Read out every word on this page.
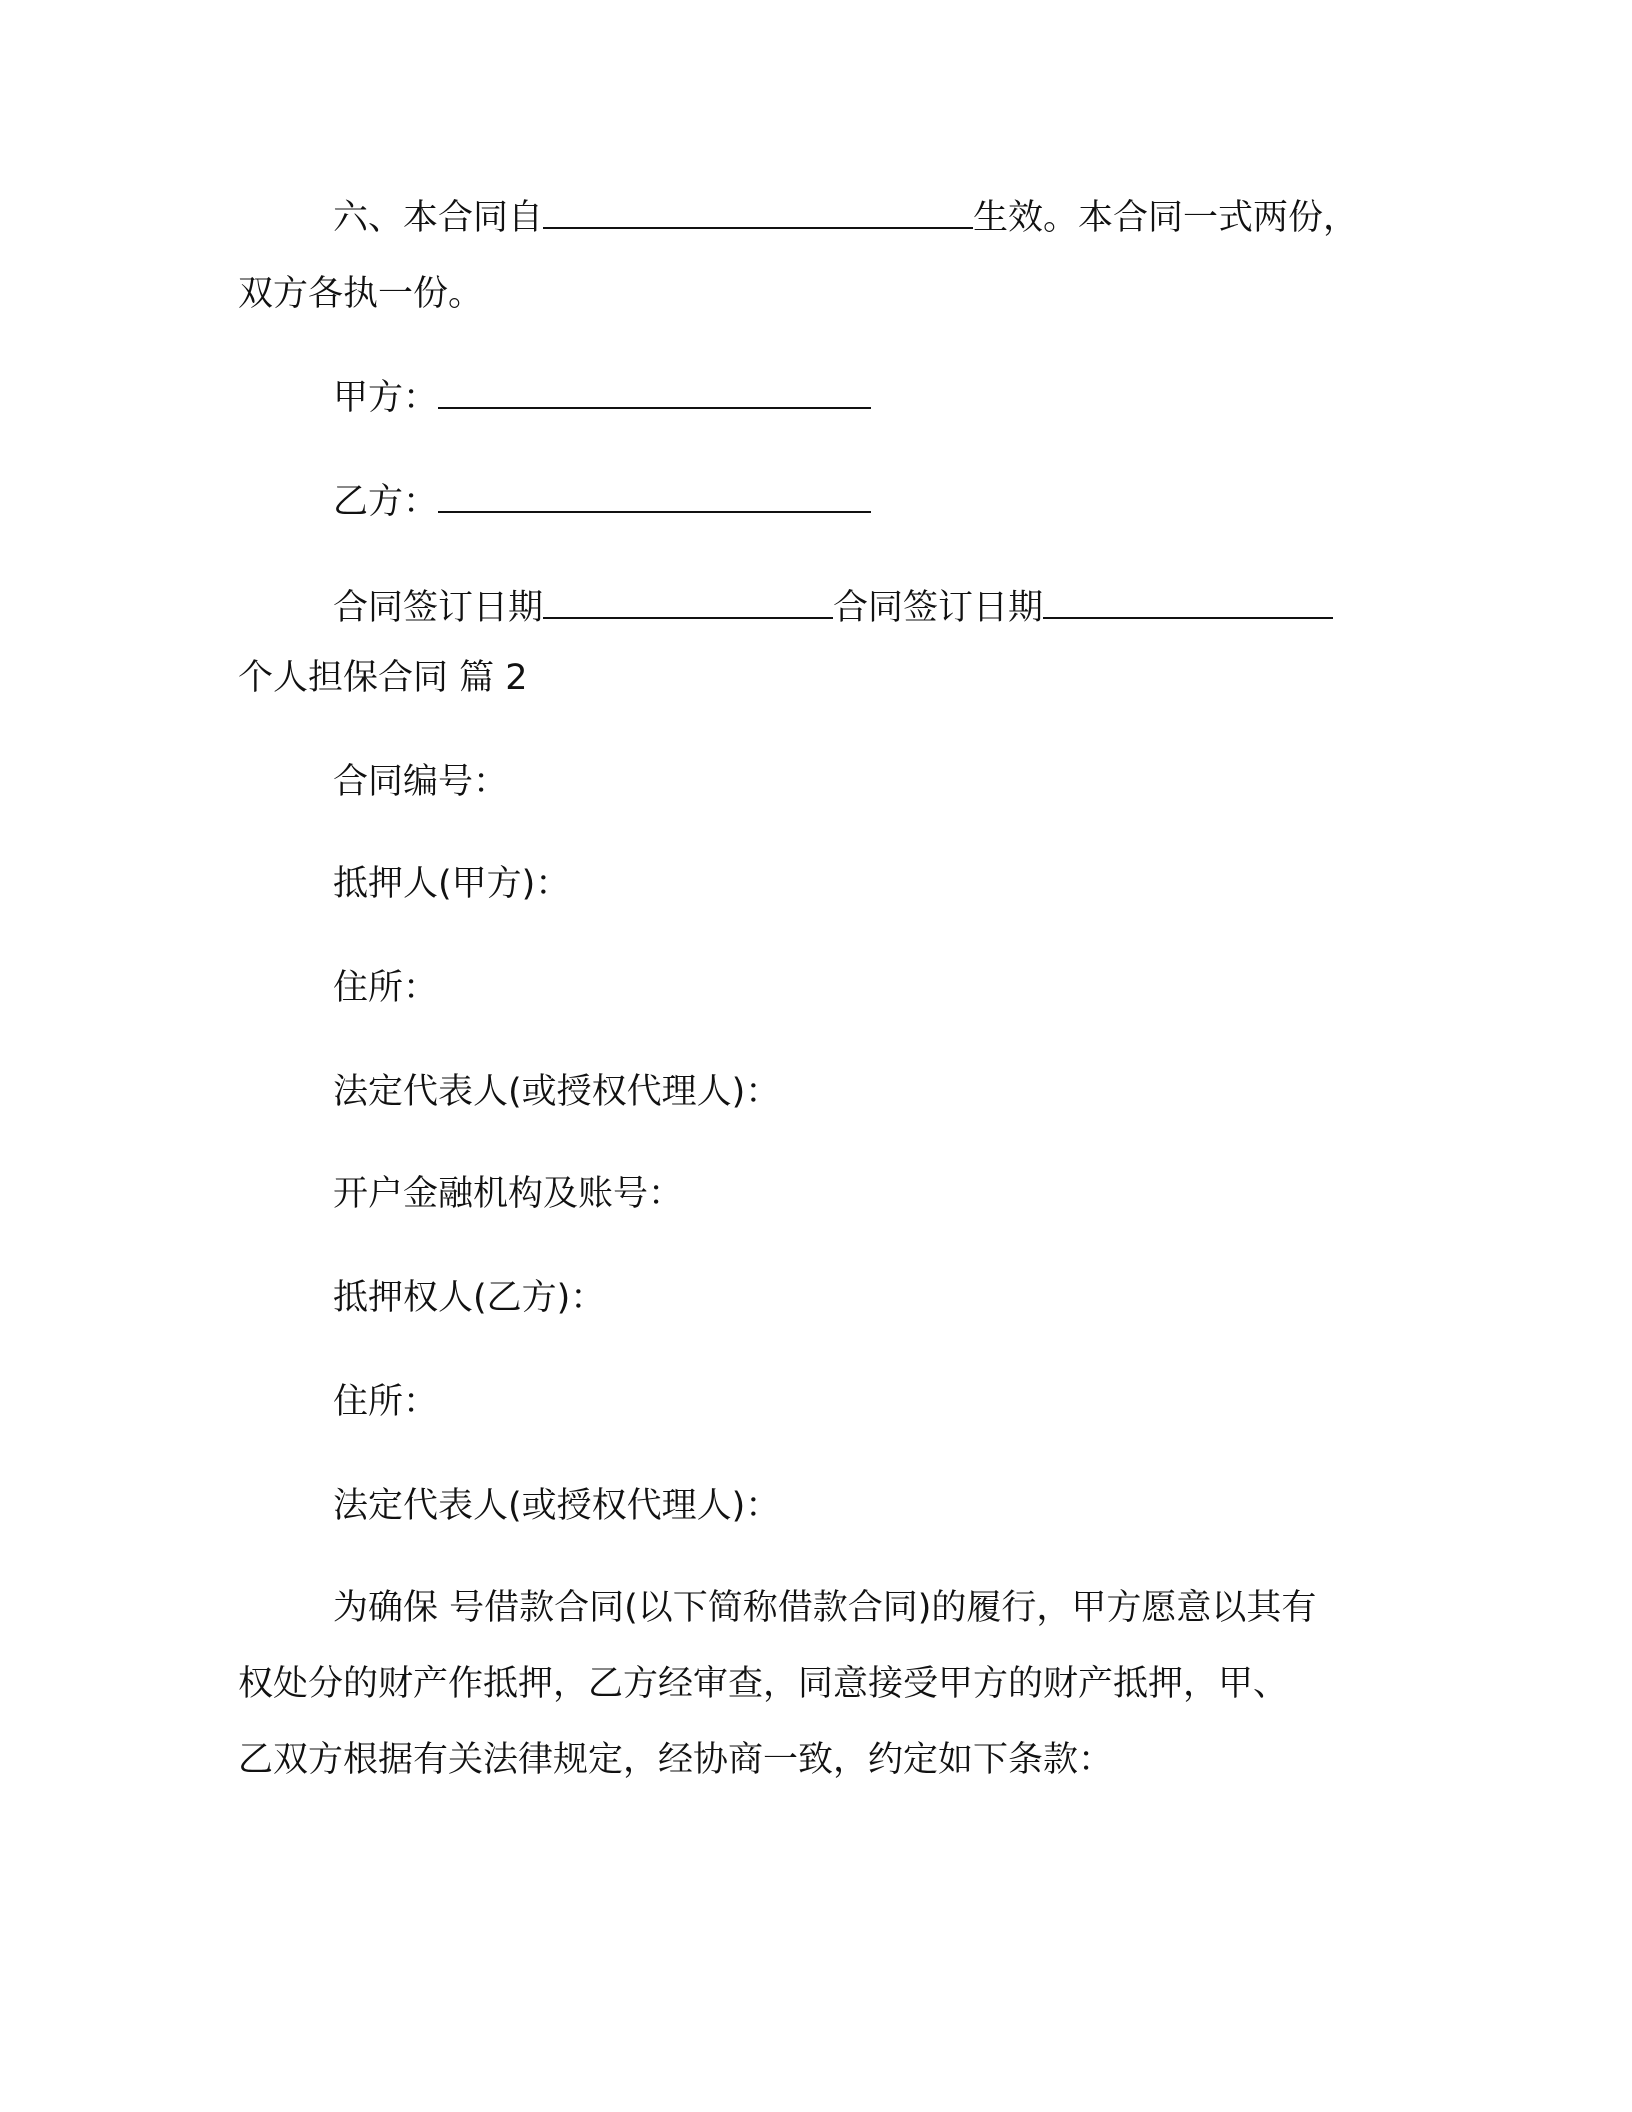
六、本合同自	生效。本合同一式两份，
双方各执一份。
甲方：
乙方：
合同签订日期	合同签订日期
个人担保合同 篇 2
合同编号：
抵押人(甲方)：
住所：
法定代表人(或授权代理人)：
开户金融机构及账号：
抵押权人(乙方)：
住所：
法定代表人(或授权代理人)：
为确保 号借款合同(以下简称借款合同)的履行，甲方愿意以其有
权处分的财产作抵押，乙方经审查，同意接受甲方的财产抵押，甲、
乙双方根据有关法律规定，经协商一致，约定如下条款：
